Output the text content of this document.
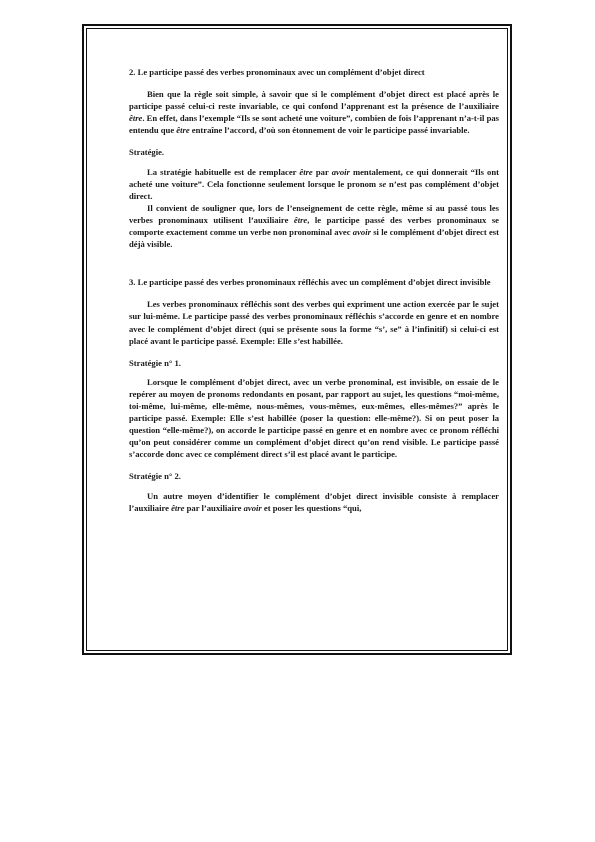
2. Le participe passé des verbes pronominaux avec un complément d’objet direct

Bien que la règle soit simple, à savoir que si le complément d’objet direct est placé après le participe passé celui-ci reste invariable, ce qui confond l’apprenant est la présence de l’auxiliaire être. En effet, dans l’exemple “Ils se sont acheté une voiture”, combien de fois l’apprenant n’a-t-il pas entendu que être entraîne l’accord, d’où son étonnement de voir le participe passé invariable.

Stratégie.

La stratégie habituelle est de remplacer être par avoir mentalement, ce qui donnerait “Ils ont acheté une voiture”. Cela fonctionne seulement lorsque le pronom se n’est pas complément d’objet direct.

Il convient de souligner que, lors de l’enseignement de cette règle, même si au passé tous les verbes pronominaux utilisent l’auxiliaire être, le participe passé des verbes pronominaux se comporte exactement comme un verbe non pronominal avec avoir si le complément d’objet direct est déjà visible.

3. Le participe passé des verbes pronominaux réfléchis avec un complément d’objet direct invisible

Les verbes pronominaux réfléchis sont des verbes qui expriment une action exercée par le sujet sur lui-même. Le participe passé des verbes pronominaux réfléchis s’accorde en genre et en nombre avec le complément d’objet direct (qui se présente sous la forme “s’, se” à l’infinitif) si celui-ci est placé avant le participe passé. Exemple: Elle s’est habillée.

Stratégie n° 1.

Lorsque le complément d’objet direct, avec un verbe pronominal, est invisible, on essaie de le repérer au moyen de pronoms redondants en posant, par rapport au sujet, les questions “moi-même, toi-même, lui-même, elle-même, nous-mêmes, vous-mêmes, eux-mêmes, elles-mêmes?” après le participe passé. Exemple: Elle s’est habillée (poser la question: elle-même?). Si on peut poser la question “elle-même?), on accorde le participe passé en genre et en nombre avec ce pronom réfléchi qu’on peut considérer comme un complément d’objet direct qu’on rend visible. Le participe passé s’accorde donc avec ce complément direct s’il est placé avant le participe.

Stratégie n° 2.

Un autre moyen d’identifier le complément d’objet direct invisible consiste à remplacer l’auxiliaire être par l’auxiliaire avoir et poser les questions “qui,
